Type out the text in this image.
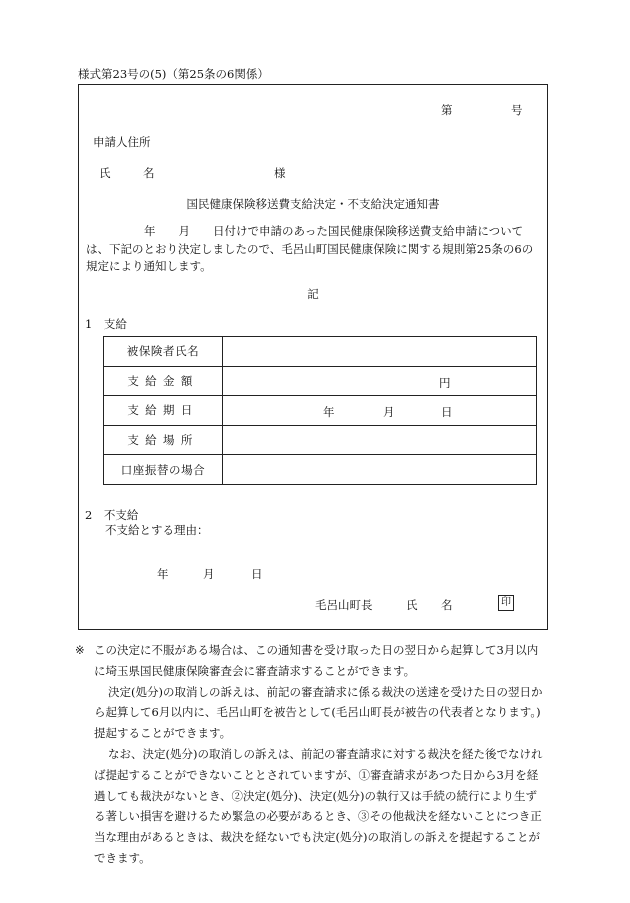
様式第23号の(5)（第25条の6関係）
第	号
申請人住所
氏	名	様
国民健康保険移送費支給決定・不支給決定通知書
年　　月　　日付けで申請のあった国民健康保険移送費支給申請については、下記のとおり決定しましたので、毛呂山町国民健康保険に関する規則第25条の6の規定により通知します。
記
1　支給
被保険者氏名	
支給金額	円

支給期日	年 月 日

支給場所	
口座振替の場合	
2　不支給
不支給とする理由：
年	月	日
毛呂山町長	氏 名	印
※ この決定に不服がある場合は、この通知書を受け取った日の翌日から起算して3月以内に埼玉県国民健康保険審査会に審査請求することができます。

決定(処分)の取消しの訴えは、前記の審査請求に係る裁決の送達を受けた日の翌日から起算して6月以内に、毛呂山町を被告として(毛呂山町長が被告の代表者となります。)提起することができます。

なお、決定(処分)の取消しの訴えは、前記の審査請求に対する裁決を経た後でなければ提起することができないこととされていますが、①審査請求があつた日から3月を経過しても裁決がないとき、②決定(処分)、決定(処分)の執行又は手続の続行により生ずる著しい損害を避けるため緊急の必要があるとき、③その他裁決を経ないことにつき正当な理由があるときは、裁決を経ないでも決定(処分)の取消しの訴えを提起することができます。
